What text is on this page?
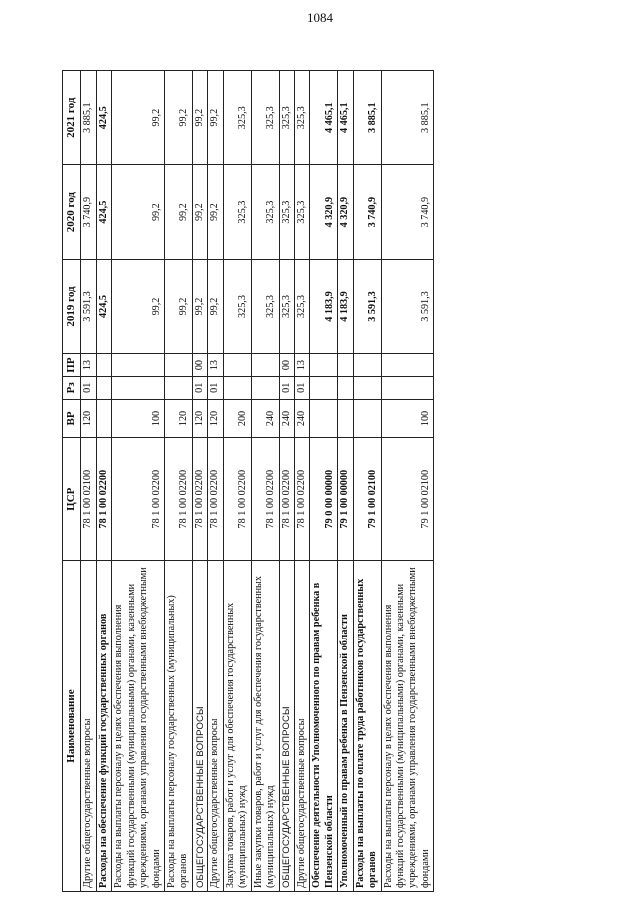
1084
Наименование	ЦСР	ВР	Рз	ПР	2019 год	2020 год	2021 год
Другие общегосударственные вопросы	78 1 00 02100	120	01	13	3 591,3	3 740,9	3 885,1
Расходы на обеспечение функций государственных органов	78 1 00 02200				424,5	424,5	424,5
Расходы на выплаты персоналу в целях обеспечения выполнения функций государственными (муниципальными) органами, казенными учреждениями, органами управления государственными внебюджетными фондами	78 1 00 02200	100			99,2	99,2	99,2
Расходы на выплаты персоналу государственных (муниципальных) органов	78 1 00 02200	120			99,2	99,2	99,2
ОБЩЕГОСУДАРСТВЕННЫЕ ВОПРОСЫ	78 1 00 02200	120	01	00	99,2	99,2	99,2
Другие общегосударственные вопросы	78 1 00 02200	120	01	13	99,2	99,2	99,2
Закупка товаров, работ и услуг для обеспечения государственных (муниципальных) нужд	78 1 00 02200	200			325,3	325,3	325,3
Иные закупки товаров, работ и услуг для обеспечения государственных (муниципальных) нужд	78 1 00 02200	240			325,3	325,3	325,3
ОБЩЕГОСУДАРСТВЕННЫЕ ВОПРОСЫ	78 1 00 02200	240	01	00	325,3	325,3	325,3
Другие общегосударственные вопросы	78 1 00 02200	240	01	13	325,3	325,3	325,3
Обеспечение деятельности Уполномоченного по правам ребенка в Пензенской области	79 0 00 00000				4 183,9	4 320,9	4 465,1
Уполномоченный по правам ребенка в Пензенской области	79 1 00 00000				4 183,9	4 320,9	4 465,1
Расходы на выплаты по оплате труда работников государственных органов	79 1 00 02100				3 591,3	3 740,9	3 885,1
Расходы на выплаты персоналу в целях обеспечения выполнения функций государственными (муниципальными) органами, казенными учреждениями, органами управления государственными внебюджетными фондами	79 1 00 02100	100			3 591,3	3 740,9	3 885,1
